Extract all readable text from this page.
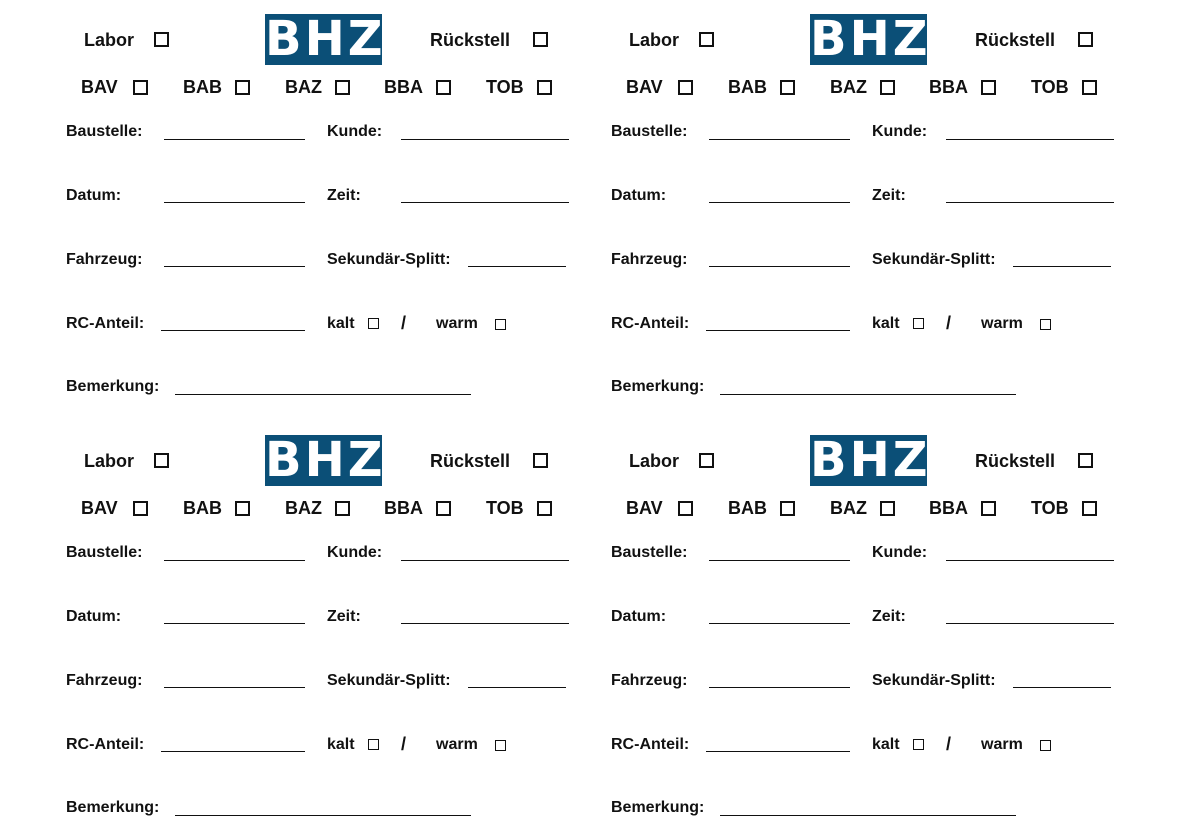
Labor	BHZ Rückstell
BAV	BAB	BAZ	BBA	TOB
Baustelle:	Kunde:
Datum:	Zeit:
Fahrzeug:	Sekundär-Splitt:
RC-Anteil:	kalt	/ warm
Bemerkung:
Labor	BHZ Rückstell
BAV	BAB	BAZ	BBA	TOB
Baustelle:	Kunde:
Datum:	Zeit:
Fahrzeug:	Sekundär-Splitt:
RC-Anteil:	kalt	/ warm
Bemerkung:
Labor	BHZ Rückstell
BAV	BAB	BAZ	BBA	TOB
Baustelle:	Kunde:
Datum:	Zeit:
Fahrzeug:	Sekundär-Splitt:
RC-Anteil:	kalt	/ warm
Bemerkung:
Labor	BHZ Rückstell
BAV	BAB	BAZ	BBA	TOB
Baustelle:	Kunde:
Datum:	Zeit:
Fahrzeug:	Sekundär-Splitt:
RC-Anteil:	kalt	/ warm
Bemerkung:
